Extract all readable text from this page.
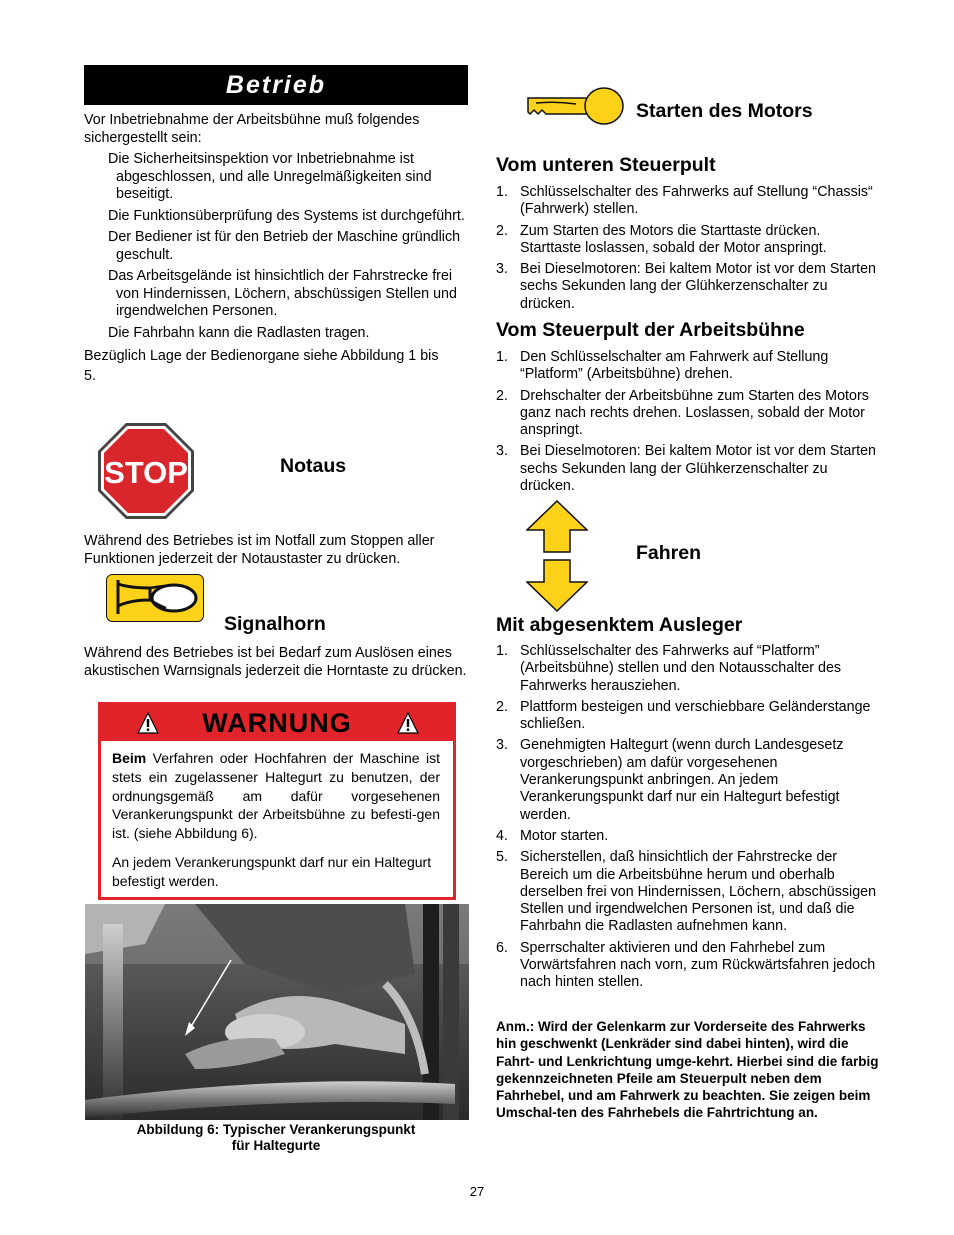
Betrieb

Vor Inbetriebnahme der Arbeitsbühne muß folgendes sichergestellt sein:

Die Sicherheitsinspektion vor Inbetriebnahme ist abgeschlossen, und alle Unregelmäßigkeiten sind beseitigt.

Die Funktionsüberprüfung des Systems ist durchgeführt.

Der Bediener ist für den Betrieb der Maschine gründlich geschult.

Das Arbeitsgelände ist hinsichtlich der Fahrstrecke frei von Hindernissen, Löchern, abschüssigen Stellen und irgendwelchen Personen.

Die Fahrbahn kann die Radlasten tragen.

Bezüglich Lage der Bedienorgane siehe Abbildung 1 bis 5.

STOP	Notaus

Während des Betriebes ist im Notfall zum Stoppen aller Funktionen jederzeit der Notaustaster zu drücken.

Signalhorn

Während des Betriebes ist bei Bedarf zum Auslösen eines akustischen Warnsignals jederzeit die Horntaste zu drücken.

WARNUNG

Beim Verfahren oder Hochfahren der Maschine ist stets ein zugelassener Haltegurt zu benutzen, der ordnungsgemäß am dafür vorgesehenen Verankerungspunkt der Arbeitsbühne zu befesti-gen ist. (siehe Abbildung 6).

An jedem Verankerungspunkt darf nur ein Haltegurt befestigt werden.

Abbildung 6: Typischer Verankerungspunkt
für Haltegurte
Starten des Motors
Vom unteren Steuerpult
1. Schlüsselschalter des Fahrwerks auf Stellung “Chassis“ (Fahrwerk) stellen.
2. Zum Starten des Motors die Starttaste drücken. Starttaste loslassen, sobald der Motor anspringt.
3. Bei Dieselmotoren: Bei kaltem Motor ist vor dem Starten sechs Sekunden lang der Glühkerzenschalter zu drücken.
Vom Steuerpult der Arbeitsbühne
1. Den Schlüsselschalter am Fahrwerk auf Stellung “Platform” (Arbeitsbühne) drehen.
2. Drehschalter der Arbeitsbühne zum Starten des Motors ganz nach rechts drehen. Loslassen, sobald der Motor anspringt.
3. Bei Dieselmotoren: Bei kaltem Motor ist vor dem Starten sechs Sekunden lang der Glühkerzenschalter zu drücken.
Fahren
Mit abgesenktem Ausleger
1. Schlüsselschalter des Fahrwerks auf “Platform” (Arbeitsbühne) stellen und den Notausschalter des Fahrwerks herausziehen.
2. Plattform besteigen und verschiebbare Geländerstange schließen.
3. Genehmigten Haltegurt (wenn durch Landesgesetz vorgeschrieben) am dafür vorgesehenen Verankerungspunkt anbringen. An jedem Verankerungspunkt darf nur ein Haltegurt befestigt werden.
4. Motor starten.
5. Sicherstellen, daß hinsichtlich der Fahrstrecke der Bereich um die Arbeitsbühne herum und oberhalb derselben frei von Hindernissen, Löchern, abschüssigen Stellen und irgendwelchen Personen ist, und daß die Fahrbahn die Radlasten aufnehmen kann.
6. Sperrschalter aktivieren und den Fahrhebel zum Vorwärtsfahren nach vorn, zum Rückwärtsfahren jedoch nach hinten stellen.

Anm.: Wird der Gelenkarm zur Vorderseite des Fahrwerks hin geschwenkt (Lenkräder sind dabei hinten), wird die Fahrt- und Lenkrichtung umge-kehrt. Hierbei sind die farbig gekennzeichneten Pfeile am Steuerpult neben dem Fahrhebel, und am Fahrwerk zu beachten. Sie zeigen beim Umschal-ten des Fahrhebels die Fahrtrichtung an.

27
